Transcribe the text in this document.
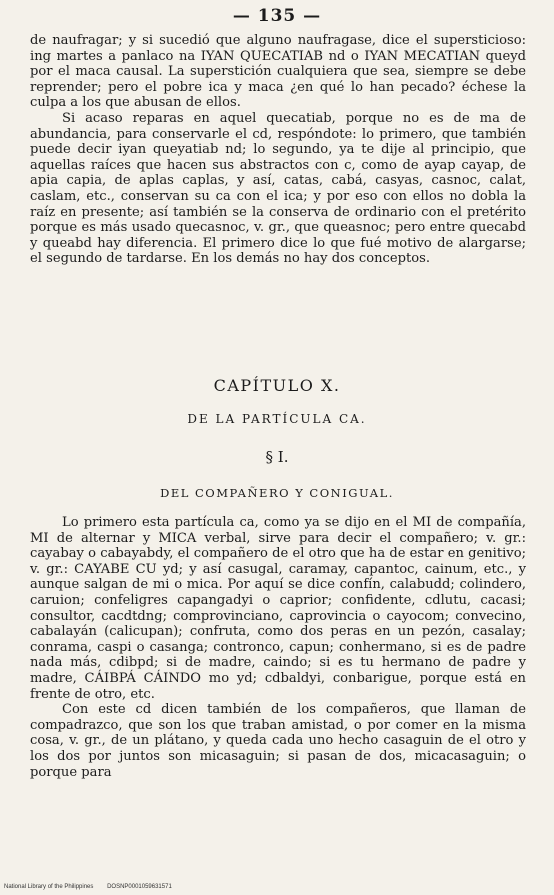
— 135 —

de naufragar; y si sucedió que alguno naufragase, dice el supersticioso: ing martes a panlaco na IYAN QUECATIAB nd o IYAN MECATIAN queyd por el maca causal. La superstición cualquiera que sea, siempre se debe reprender; pero el pobre ica y maca ¿en qué lo han pecado? échese la culpa a los que abusan de ellos.

Si acaso reparas en aquel quecatiab, porque no es de ma de abundancia, para conservarle el cd, respóndote: lo primero, que también puede decir iyan queyatiab nd; lo segundo, ya te dije al principio, que aquellas raíces que hacen sus abstractos con c, como de ayap cayap, de apia capia, de aplas caplas, y así, catas, cabá, casyas, casnoc, calat, caslam, etc., conservan su ca con el ica; y por eso con ellos no dobla la raíz en presente; así también se la conserva de ordinario con el pretérito porque es más usado quecasnoc, v. gr., que queasnoc; pero entre quecabd y queabd hay diferencia. El primero dice lo que fué motivo de alargarse; el segundo de tardarse. En los demás no hay dos conceptos.

CAPÍTULO X.
DE LA PARTÍCULA CA.
§ I.
DEL COMPAÑERO Y CONIGUAL.

Lo primero esta partícula ca, como ya se dijo en el MI de compañía, MI de alternar y MICA verbal, sirve para decir el compañero; v. gr.: cayabay o cabayabdy, el compañero de el otro que ha de estar en genitivo; v. gr.: CAYABE CU yd; y así casugal, caramay, capantoc, cainum, etc., y aunque salgan de mi o mica. Por aquí se dice confín, calabudd; colindero, caruion; confeligres capangadyi o caprior; confidente, cdlutu, cacasi; consultor, cacdtdng; comprovinciano, caprovincia o cayocom; convecino, cabalayán (calicupan); confruta, como dos peras en un pezón, casalay; conrama, caspi o casanga; contronco, capun; conhermano, si es de padre nada más, cdibpd; si de madre, caindo; si es tu hermano de padre y madre, CÁIBPÁ CÁINDO mo yd; cdbaldyi, conbarigue, porque está en frente de otro, etc.

Con este cd dicen también de los compañeros, que llaman de compadrazco, que son los que traban amistad, o por comer en la misma cosa, v. gr., de un plátano, y queda cada uno hecho casaguin de el otro y los dos por juntos son micasaguin; si pasan de dos, micacasaguin; o porque para

National Library of the Philippines DOSNP0001059631571
